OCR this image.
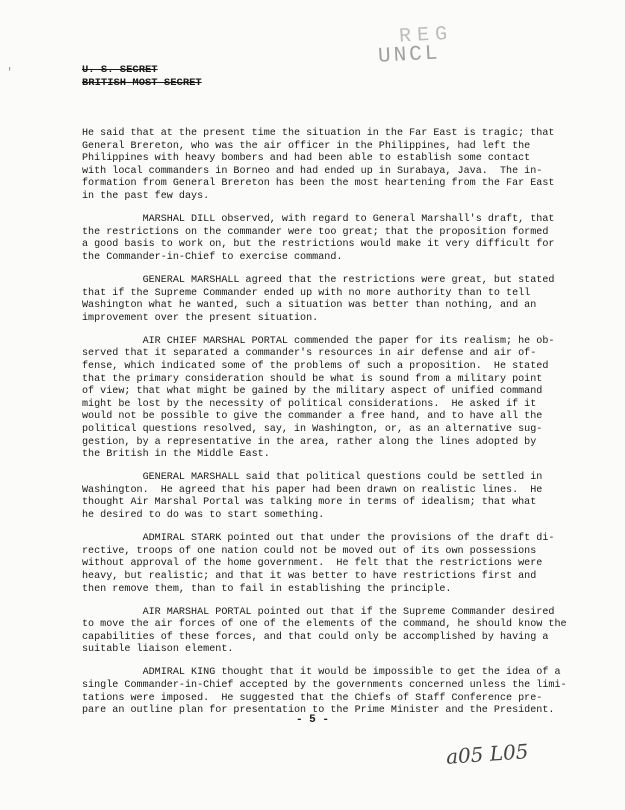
REG
UNCL
′	U. S. SECRET
BRITISH MOST SECRET

He said that at the present time the situation in the Far East is tragic; that
General Brereton, who was the air officer in the Philippines, had left the
Philippines with heavy bombers and had been able to establish some contact
with local commanders in Borneo and had ended up in Surabaya, Java.  The in-
formation from General Brereton has been the most heartening from the Far East
in the past few days.

MARSHAL DILL observed, with regard to General Marshall's draft, that
the restrictions on the commander were too great; that the proposition formed
a good basis to work on, but the restrictions would make it very difficult for
the Commander-in-Chief to exercise command.

GENERAL MARSHALL agreed that the restrictions were great, but stated
that if the Supreme Commander ended up with no more authority than to tell
Washington what he wanted, such a situation was better than nothing, and an
improvement over the present situation.

AIR CHIEF MARSHAL PORTAL commended the paper for its realism; he ob-
served that it separated a commander's resources in air defense and air of-
fense, which indicated some of the problems of such a proposition.  He stated
that the primary consideration should be what is sound from a military point
of view; that what might be gained by the military aspect of unified command
might be lost by the necessity of political considerations.  He asked if it
would not be possible to give the commander a free hand, and to have all the
political questions resolved, say, in Washington, or, as an alternative sug-
gestion, by a representative in the area, rather along the lines adopted by
the British in the Middle East.

GENERAL MARSHALL said that political questions could be settled in
Washington.  He agreed that his paper had been drawn on realistic lines.  He
thought Air Marshal Portal was talking more in terms of idealism; that what
he desired to do was to start something.

ADMIRAL STARK pointed out that under the provisions of the draft di-
rective, troops of one nation could not be moved out of its own possessions
without approval of the home government.  He felt that the restrictions were
heavy, but realistic; and that it was better to have restrictions first and
then remove them, than to fail in establishing the principle.

AIR MARSHAL PORTAL pointed out that if the Supreme Commander desired
to move the air forces of one of the elements of the command, he should know the
capabilities of these forces, and that could only be accomplished by having a
suitable liaison element.

ADMIRAL KING thought that it would be impossible to get the idea of a
single Commander-in-Chief accepted by the governments concerned unless the limi-
tations were imposed.  He suggested that the Chiefs of Staff Conference pre-
pare an outline plan for presentation to the Prime Minister and the President.

- 5 -
a05 L05
